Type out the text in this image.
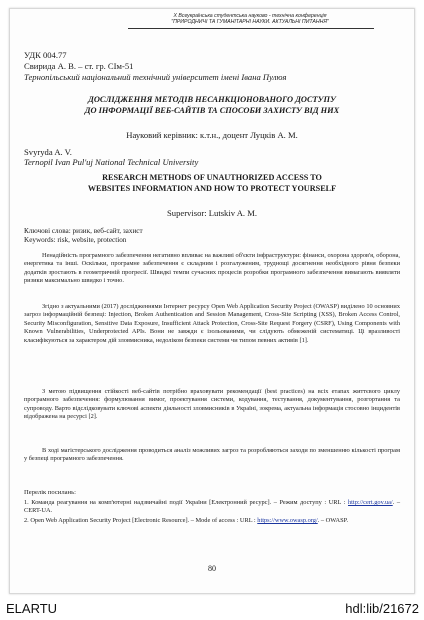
X Всеукраїнська студентська науково - технічна конференція
"ПРИРОДНИЧІ ТА ГУМАНІТАРНІ НАУКИ. АКТУАЛЬНІ ПИТАННЯ"
УДК 004.77
Свирида А. В. – ст. гр. СІм-51
Тернопільський національний технічний університет імені Івана Пулюя
ДОСЛІДЖЕННЯ МЕТОДІВ НЕСАНКЦІОНОВАНОГО ДОСТУПУ
ДО ІНФОРМАЦІЇ ВЕБ-САЙТІВ ТА СПОСОБИ ЗАХИСТУ ВІД НИХ
Науковий керівник: к.т.н., доцент Луцків А. М.
Svyryda A. V.
Ternopil Ivan Pul'uj National Technical University
RESEARCH METHODS OF UNAUTHORIZED ACCESS TO
WEBSITES INFORMATION AND HOW TO PROTECT YOURSELF
Supervisor: Lutskiv A. M.
Ключові слова: ризик, веб-сайт, захист
Keywords: risk, website, protection
Ненадійність програмного забезпечення негативно впливає на важливі об'єкти інфраструктури: фінанси, охорона здоров'я, оборона, енергетика та інші. Оскільки, програмне забезпечення є складним і розгалуженим, труднощі досягнення необхідного рівня безпеки додатків зростають в геометричній прогресії. Швидкі темпи сучасних процесів розробки програмного забезпечення вимагають виявляти ризики максимально швидко і точно.
Згідно з актуальними (2017) дослідженнями Інтернет ресурсу Open Web Application Security Project (OWASP) виділено 10 основних загроз інформаційній безпеці: Injection, Broken Authentication and Session Management, Cross-Site Scripting (XSS), Broken Access Control, Security Misconfiguration, Sensitive Data Exposure, Insufficient Attack Protection, Cross-Site Request Forgery (CSRF), Using Components with Known Vulnerabilities, Underprotected APIs. Вони не завжди є ізольованими, чи слідують обмеженій систематиці. Ці вразливості класифікуються за характером дій зловмисника, недоліком безпеки системи чи типом певних активів [1].
З метою підвищення стійкості веб-сайтів потрібно враховувати рекомендації (best practices) на всіх етапах життєвого циклу програмного забезпечення: формулювання вимог, проектування системи, кодування, тестування, документування, розгортання та супроводу. Варто відслідковувати ключові аспекти діяльності зловмисників в Україні, зокрема, актуальна інформація стосовно інцидентів відображена на ресурсі [2].
В ході магістерського дослідження проводиться аналіз можливих загроз та розробляються заходи по зменшенню кількості програм у безпеці програмного забезпечення.
Перелік посилань:
1. Команда реагування на комп'ютерні надзвичайні події України [Електронний ресурс]. – Режим доступу : URL : http://cert.gov.ua/. – CERT-UA.
2. Open Web Application Security Project [Electronic Resource]. – Mode of access : URL : https://www.owasp.org/. – OWASP.
80
ELARTU	hdl:lib/21672
